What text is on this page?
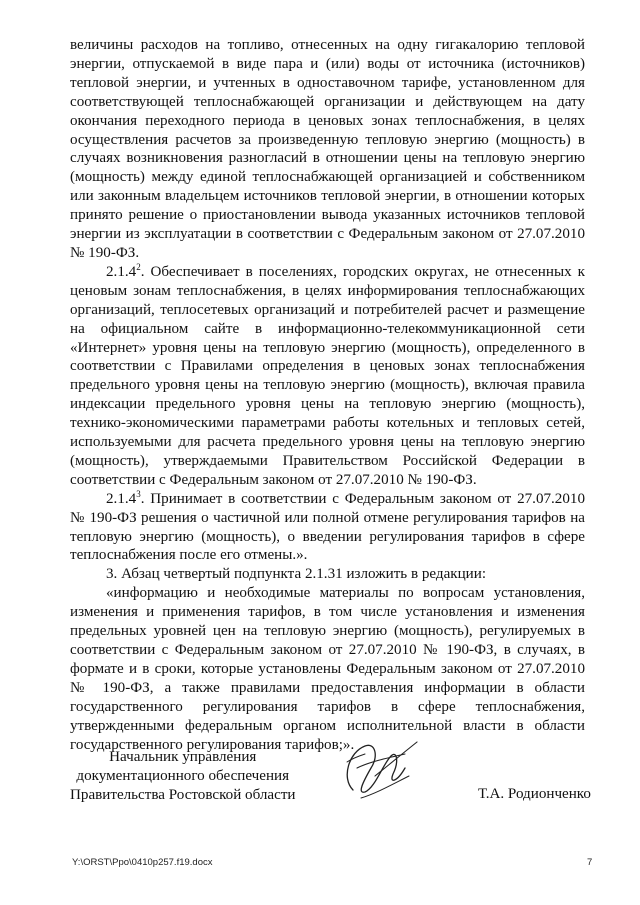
величины расходов на топливо, отнесенных на одну гигакалорию тепловой энергии, отпускаемой в виде пара и (или) воды от источника (источников) тепловой энергии, и учтенных в одноставочном тарифе, установленном для соответствующей теплоснабжающей организации и действующем на дату окончания переходного периода в ценовых зонах теплоснабжения, в целях осуществления расчетов за произведенную тепловую энергию (мощность) в случаях возникновения разногласий в отношении цены на тепловую энергию (мощность) между единой теплоснабжающей организацией и собственником или законным владельцем источников тепловой энергии, в отношении которых принято решение о приостановлении вывода указанных источников тепловой энергии из эксплуатации в соответствии с Федеральным законом от 27.07.2010 № 190-ФЗ.

2.1.4$^2$. Обеспечивает в поселениях, городских округах, не отнесенных к ценовым зонам теплоснабжения, в целях информирования теплоснабжающих организаций, теплосетевых организаций и потребителей расчет и размещение на официальном сайте в информационно-телекоммуникационной сети «Интернет» уровня цены на тепловую энергию (мощность), определенного в соответствии с Правилами определения в ценовых зонах теплоснабжения предельного уровня цены на тепловую энергию (мощность), включая правила индексации предельного уровня цены на тепловую энергию (мощность), технико-экономическими параметрами работы котельных и тепловых сетей, используемыми для расчета предельного уровня цены на тепловую энергию (мощность), утверждаемыми Правительством Российской Федерации в соответствии с Федеральным законом от 27.07.2010 № 190-ФЗ.

2.1.4$^3$. Принимает в соответствии с Федеральным законом от 27.07.2010 № 190-ФЗ решения о частичной или полной отмене регулирования тарифов на тепловую энергию (мощность), о введении регулирования тарифов в сфере теплоснабжения после его отмены.».

3. Абзац четвертый подпункта 2.1.31 изложить в редакции:

«информацию и необходимые материалы по вопросам установления, изменения и применения тарифов, в том числе установления и изменения предельных уровней цен на тепловую энергию (мощность), регулируемых в соответствии с Федеральным законом от 27.07.2010 № 190-ФЗ, в случаях, в формате и в сроки, которые установлены Федеральным законом от 27.07.2010 № 190-ФЗ, а также правилами предоставления информации в области государственного регулирования тарифов в сфере теплоснабжения, утвержденными федеральным органом исполнительной власти в области государственного регулирования тарифов;».

Начальник управления
документационного обеспечения
Правительства Ростовской области	Т.А. Родионченко
Y:\ORST\Ppo\0410p257.f19.docx	7
